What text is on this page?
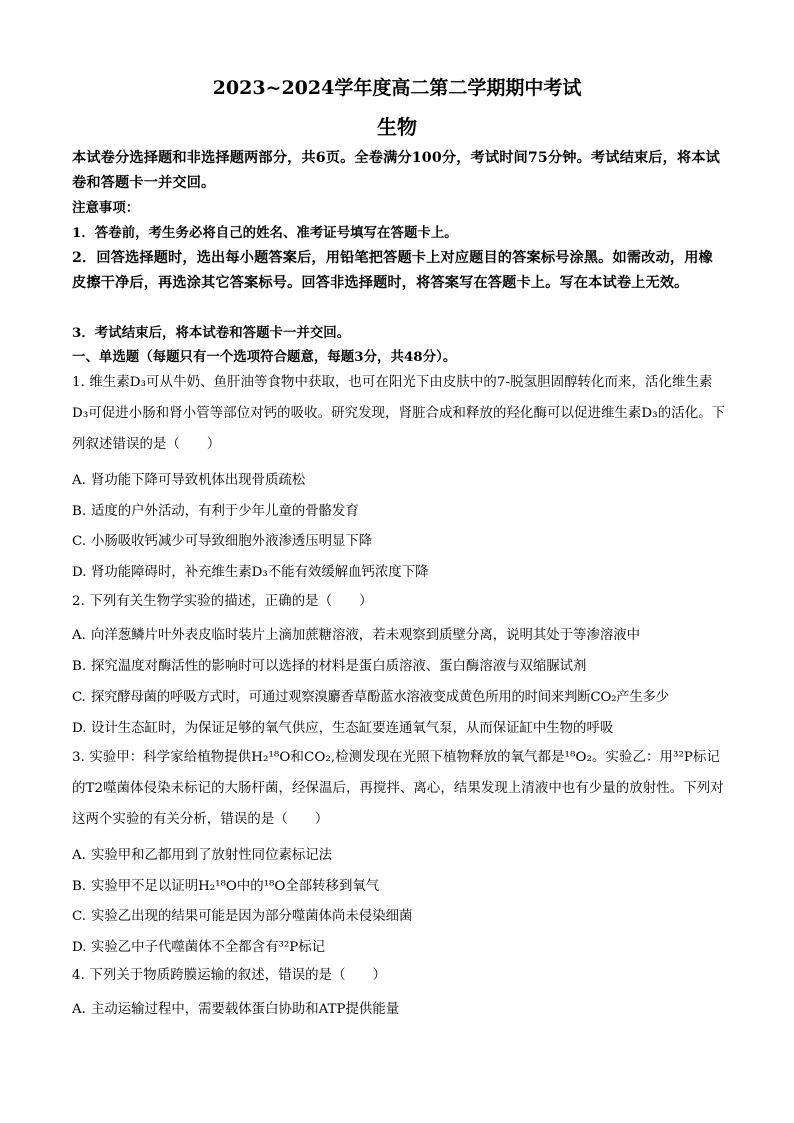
2023~2024学年度高二第二学期期中考试
生物
本试卷分选择题和非选择题两部分，共6页。全卷满分100分，考试时间75分钟。考试结束后，将本试卷和答题卡一并交回。
注意事项：
1．答卷前，考生务必将自己的姓名、准考证号填写在答题卡上。
2．回答选择题时，选出每小题答案后，用铅笔把答题卡上对应题目的答案标号涂黑。如需改动，用橡皮擦干净后，再选涂其它答案标号。回答非选择题时，将答案写在答题卡上。写在本试卷上无效。
3．考试结束后，将本试卷和答题卡一并交回。
一、单选题（每题只有一个选项符合题意，每题3分，共48分）。
1. 维生素D₃可从牛奶、鱼肝油等食物中获取，也可在阳光下由皮肤中的7-脱氢胆固醇转化而来，活化维生素D₃可促进小肠和肾小管等部位对钙的吸收。研究发现，肾脏合成和释放的羟化酶可以促进维生素D₃的活化。下列叙述错误的是（　　）
A. 肾功能下降可导致机体出现骨质疏松
B. 适度的户外活动，有利于少年儿童的骨骼发育
C. 小肠吸收钙减少可导致细胞外液渗透压明显下降
D. 肾功能障碍时，补充维生素D₃不能有效缓解血钙浓度下降
2. 下列有关生物学实验的描述，正确的是（　　）
A. 向洋葱鳞片叶外表皮临时装片上滴加蔗糖溶液，若未观察到质壁分离，说明其处于等渗溶液中
B. 探究温度对酶活性的影响时可以选择的材料是蛋白质溶液、蛋白酶溶液与双缩脲试剂
C. 探究酵母菌的呼吸方式时，可通过观察溴麝香草酚蓝水溶液变成黄色所用的时间来判断CO₂产生多少
D. 设计生态缸时，为保证足够的氧气供应，生态缸要连通氧气泵，从而保证缸中生物的呼吸
3. 实验甲：科学家给植物提供H₂¹⁸O和CO₂,检测发现在光照下植物释放的氧气都是¹⁸O₂。实验乙：用³²P标记的T2噬菌体侵染未标记的大肠杆菌，经保温后，再搅拌、离心，结果发现上清液中也有少量的放射性。下列对这两个实验的有关分析，错误的是（　　）
A. 实验甲和乙都用到了放射性同位素标记法
B. 实验甲不足以证明H₂¹⁸O中的¹⁸O全部转移到氧气
C. 实验乙出现的结果可能是因为部分噬菌体尚未侵染细菌
D. 实验乙中子代噬菌体不全都含有³²P标记
4. 下列关于物质跨膜运输的叙述，错误的是（　　）
A. 主动运输过程中，需要载体蛋白协助和ATP提供能量
